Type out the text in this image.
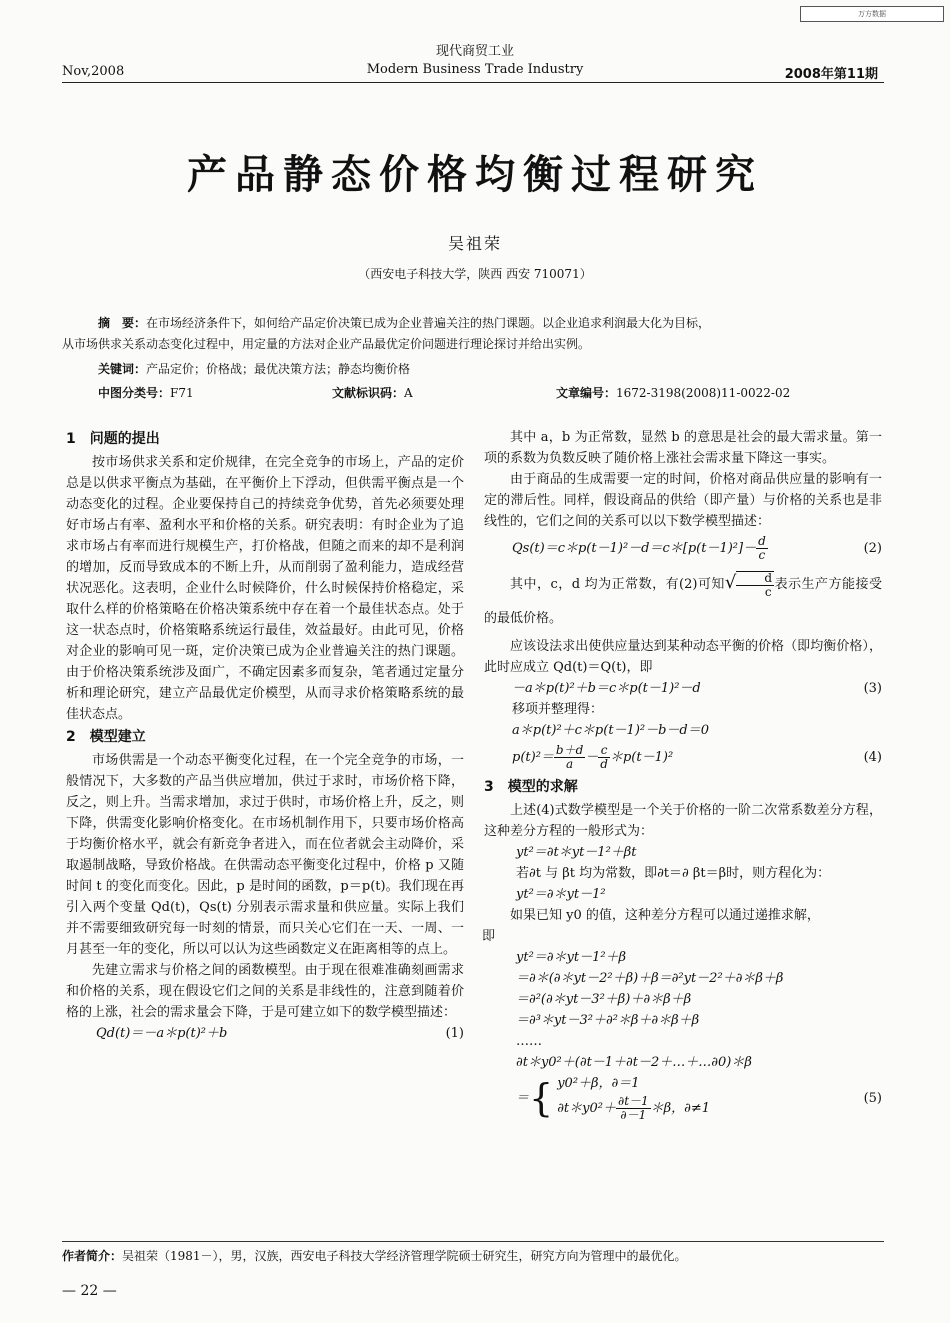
万方数据
现代商贸工业
Nov,2008	Modern Business Trade Industry	2008年第11期
产品静态价格均衡过程研究
吴祖荣
（西安电子科技大学，陕西 西安 710071）
摘　要：在市场经济条件下，如何给产品定价决策已成为企业普遍关注的热门课题。以企业追求利润最大化为目标，
从市场供求关系动态变化过程中，用定量的方法对企业产品最优定价问题进行理论探讨并给出实例。
关键词：产品定价；价格战；最优决策方法；静态均衡价格
中图分类号：F71	文献标识码：A	文章编号：1672-3198(2008)11-0022-02
1　问题的提出

按市场供求关系和定价规律，在完全竞争的市场上，产品的定价总是以供求平衡点为基础，在平衡价上下浮动，但供需平衡点是一个动态变化的过程。企业要保持自己的持续竞争优势，首先必须要处理好市场占有率、盈利水平和价格的关系。研究表明：有时企业为了追求市场占有率而进行规模生产，打价格战，但随之而来的却不是利润的增加，反而导致成本的不断上升，从而削弱了盈利能力，造成经营状况恶化。这表明，企业什么时候降价，什么时候保持价格稳定，采取什么样的价格策略在价格决策系统中存在着一个最佳状态点。处于这一状态点时，价格策略系统运行最佳，效益最好。由此可见，价格对企业的影响可见一斑，定价决策已成为企业普遍关注的热门课题。由于价格决策系统涉及面广，不确定因素多而复杂，笔者通过定量分析和理论研究，建立产品最优定价模型，从而寻求价格策略系统的最佳状态点。

2　模型建立

市场供需是一个动态平衡变化过程，在一个完全竞争的市场，一般情况下，大多数的产品当供应增加，供过于求时，市场价格下降，反之，则上升。当需求增加，求过于供时，市场价格上升，反之，则下降，供需变化影响价格变化。在市场机制作用下，只要市场价格高于均衡价格水平，就会有新竞争者进入，而在位者就会主动降价，采取遏制战略，导致价格战。在供需动态平衡变化过程中，价格 p 又随时间 t 的变化而变化。因此，p 是时间的函数，p＝p(t)。我们现在再引入两个变量 Qd(t)，Qs(t) 分别表示需求量和供应量。实际上我们并不需要细致研究每一时刻的情景，而只关心它们在一天、一周、一月甚至一年的变化，所以可以认为这些函数定义在距离相等的点上。

先建立需求与价格之间的函数模型。由于现在很难准确刻画需求和价格的关系，现在假设它们之间的关系是非线性的，注意到随着价格的上涨，社会的需求量会下降，于是可建立如下的数学模型描述：

Qd(t)＝－a＊p(t)²＋b	(1)

其中 a，b 为正常数，显然 b 的意思是社会的最大需求量。第一项的系数为负数反映了随价格上涨社会需求量下降这一事实。

由于商品的生成需要一定的时间，价格对商品供应量的影响有一定的滞后性。同样，假设商品的供给（即产量）与价格的关系也是非线性的，它们之间的关系可以以下数学模型描述：

Qs(t)＝c＊p(t－1)²－d＝c＊[p(t－1)²]－ $\frac{d}{c}$	(2)

其中，c，d 均为正常数，有(2)可知√ $\frac{d}{c}$ 表示生产方能接受的最低价格。

应该设法求出使供应量达到某种动态平衡的价格（即均衡价格），此时应成立 Qd(t)＝Q(t)，即

－a＊p(t)²＋b＝c＊p(t－1)²－d	(3)
移项并整理得：
a＊p(t)²＋c＊p(t－1)²－b－d＝0
$p(t)^2= \frac{b+d}{a} - \frac{c}{d}$ ＊p(t－1)²	(4)
3　模型的求解

上述(4)式数学模型是一个关于价格的一阶二次常系数差分方程，这种差分方程的一般形式为：

yt²＝∂t＊yt－1²＋βt
若∂t 与 βt 均为常数，即∂t＝∂ βt＝β时，则方程化为：
yt²＝∂＊yt－1²

如果已知 y0 的值，这种差分方程可以通过递推求解，

即
yt²＝∂＊yt－1²＋β
＝∂＊(∂＊yt－2²＋β)＋β＝∂²yt－2²＋∂＊β＋β
＝∂²(∂＊yt－3²＋β)＋∂＊β＋β
＝∂³＊yt－3²＋∂²＊β＋∂＊β＋β
……
∂t＊y0²＋(∂t－1＋∂t－2＋…＋…∂0)＊β
＝{ y0²＋β，∂＝1
∂t＊y0²＋ $\frac{\partial t-1}{\partial-1}$ ＊β，∂≠1
(5)
作者简介：吴祖荣（1981－），男，汉族，西安电子科技大学经济管理学院硕士研究生，研究方向为管理中的最优化。
— 22 —
